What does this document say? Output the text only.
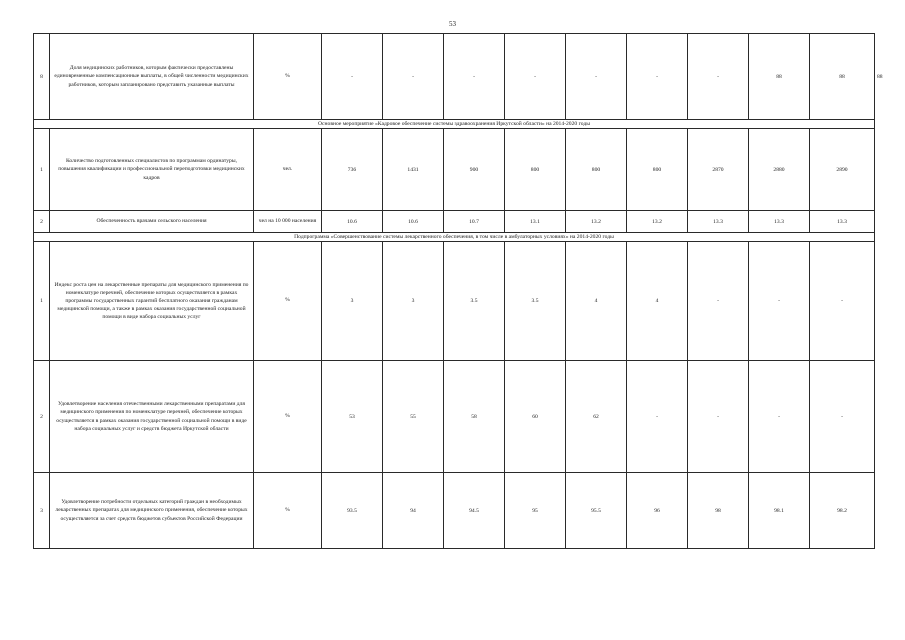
53
8	Доля медицинских работников, которым фактически предоставлены единовременные компенсационные выплаты, в общей численности медицинских работников, которым запланировано представить указанные выплаты	%	-	-	-	-	-	-	-	88	88	88
Основное мероприятие «Кадровое обеспечение системы здравоохранения Иркутской области» на 2014-2020 годы												
1	Количество подготовленных специалистов по программам ординатуры, повышения квалификации и профессиональной переподготовки медицинских кадров	чел.	736	1431	900	800	800	800	2870	2880	2890	
2	Обеспеченность врачами сельского населения	чел на 10 000 населения	10.6	10.6	10.7	13.1	13.2	13.2	13.3	13.3	13.3	
Подпрограмма «Совершенствование системы лекарственного обеспечения, в том числе в амбулаторных условиях» на 2014-2020 годы												
1	Индекс роста цен на лекарственные препараты для медицинского применения по номенклатуре перечней, обеспечение которых осуществляется в рамках программы государственных гарантий бесплатного оказания гражданам медицинской помощи, а также в рамках оказания государственной социальной помощи в виде набора социальных услуг	%	3	3	3.5	3.5	4	4	-	-	-	
2	Удовлетворение населения отечественными лекарственными препаратами для медицинского применения по номенклатуре перечней, обеспечение которых осуществляется в рамках оказания государственной социальной помощи в виде набора социальных услуг и средств бюджета Иркутской области	%	53	55	58	60	62	-	-	-	-	
3	Удовлетворение потребности отдельных категорий граждан в необходимых лекарственных препаратах для медицинского применения, обеспечение которых осуществляется за счет средств бюджетов субъектов Российской Федерации	%	93.5	94	94.5	95	95.5	96	98	98.1	98.2	
